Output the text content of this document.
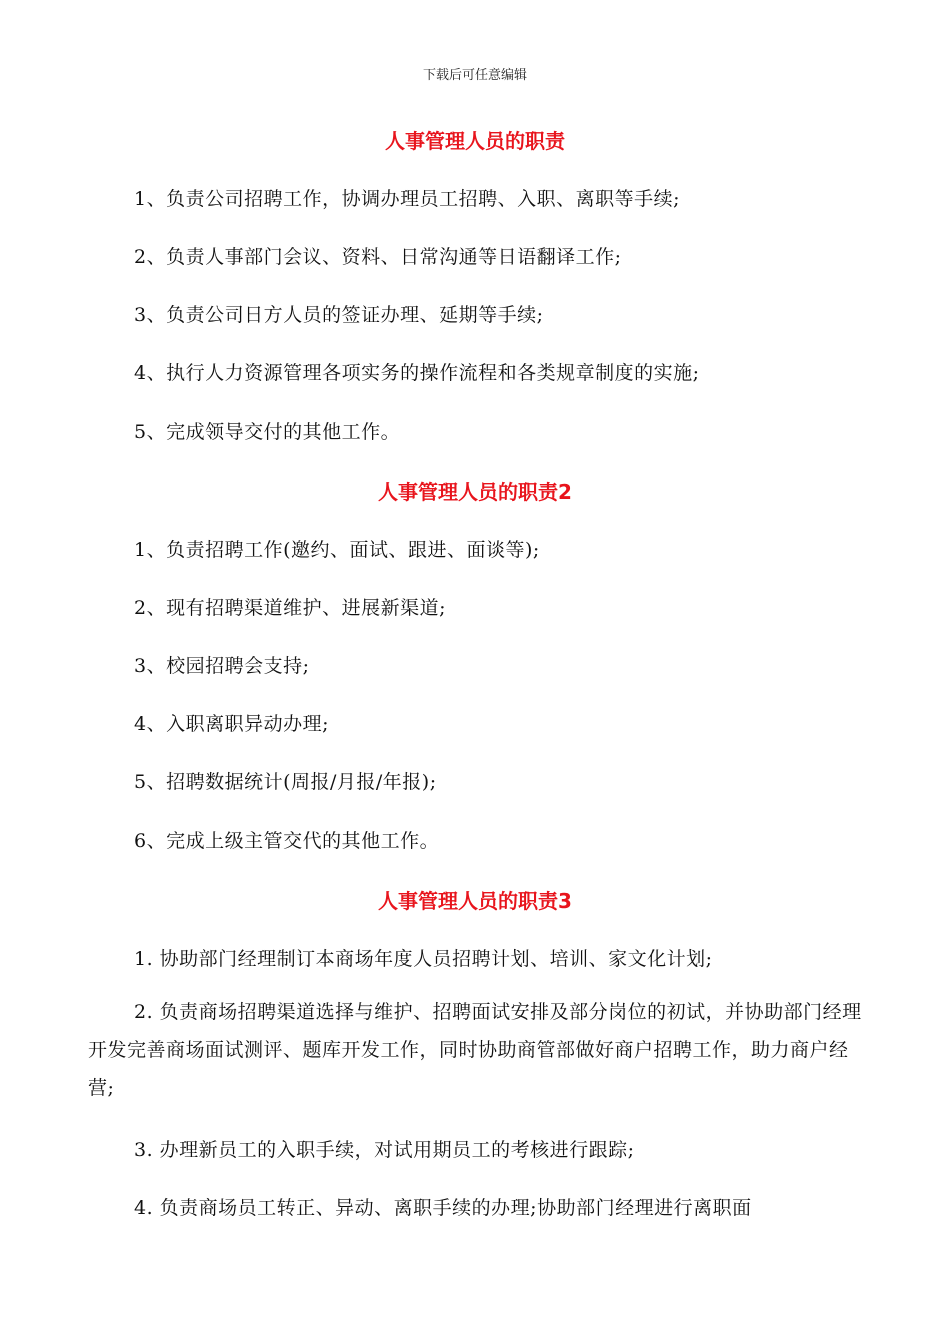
下载后可任意编辑
人事管理人员的职责
1、负责公司招聘工作，协调办理员工招聘、入职、离职等手续;
2、负责人事部门会议、资料、日常沟通等日语翻译工作;
3、负责公司日方人员的签证办理、延期等手续;
4、执行人力资源管理各项实务的操作流程和各类规章制度的实施;
5、完成领导交付的其他工作。
人事管理人员的职责2
1、负责招聘工作(邀约、面试、跟进、面谈等);
2、现有招聘渠道维护、进展新渠道;
3、校园招聘会支持;
4、入职离职异动办理;
5、招聘数据统计(周报/月报/年报);
6、完成上级主管交代的其他工作。
人事管理人员的职责3
1. 协助部门经理制订本商场年度人员招聘计划、培训、家文化计划;
2. 负责商场招聘渠道选择与维护、招聘面试安排及部分岗位的初试，并协助部门经理开发完善商场面试测评、题库开发工作，同时协助商管部做好商户招聘工作，助力商户经营;
3. 办理新员工的入职手续，对试用期员工的考核进行跟踪;
4. 负责商场员工转正、异动、离职手续的办理;协助部门经理进行离职面
